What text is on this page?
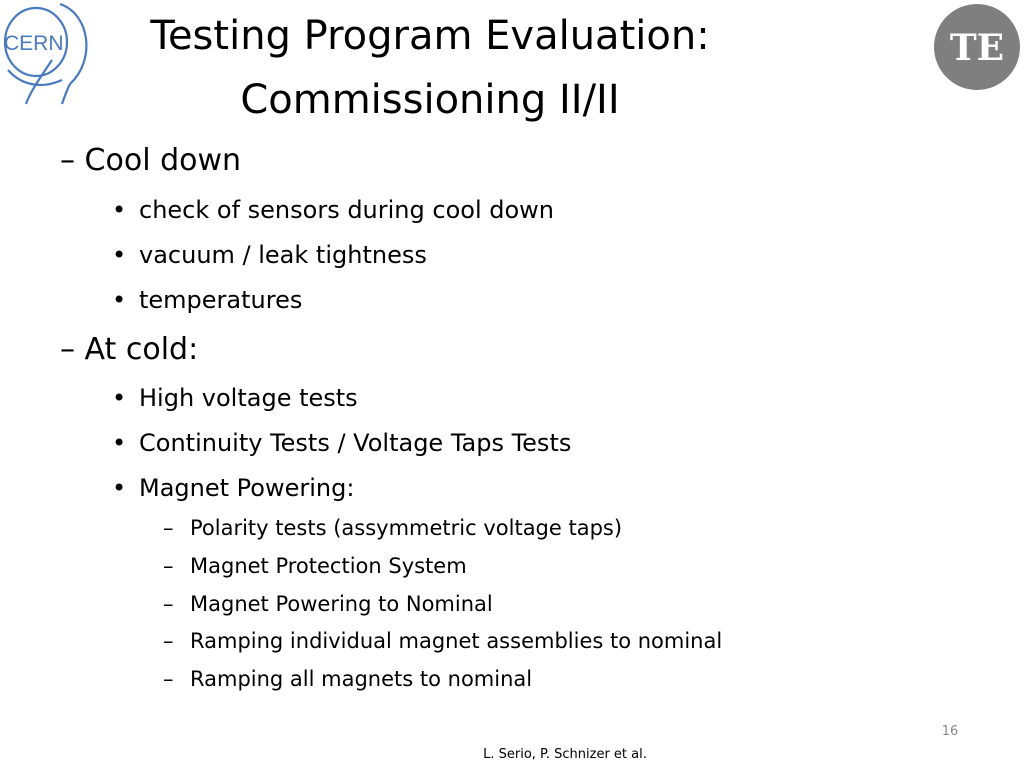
CERN	Testing Program Evaluation:
Commissioning II/II
TE
– Cool down
• check of sensors during cool down
• vacuum / leak tightness
• temperatures
– At cold:
• High voltage tests
• Continuity Tests / Voltage Taps Tests
• Magnet Powering:
– Polarity tests (assymmetric voltage taps)
– Magnet Protection System
– Magnet Powering to Nominal
– Ramping individual magnet assemblies to nominal
– Ramping all magnets to nominal
16
L. Serio, P. Schnizer et al.
